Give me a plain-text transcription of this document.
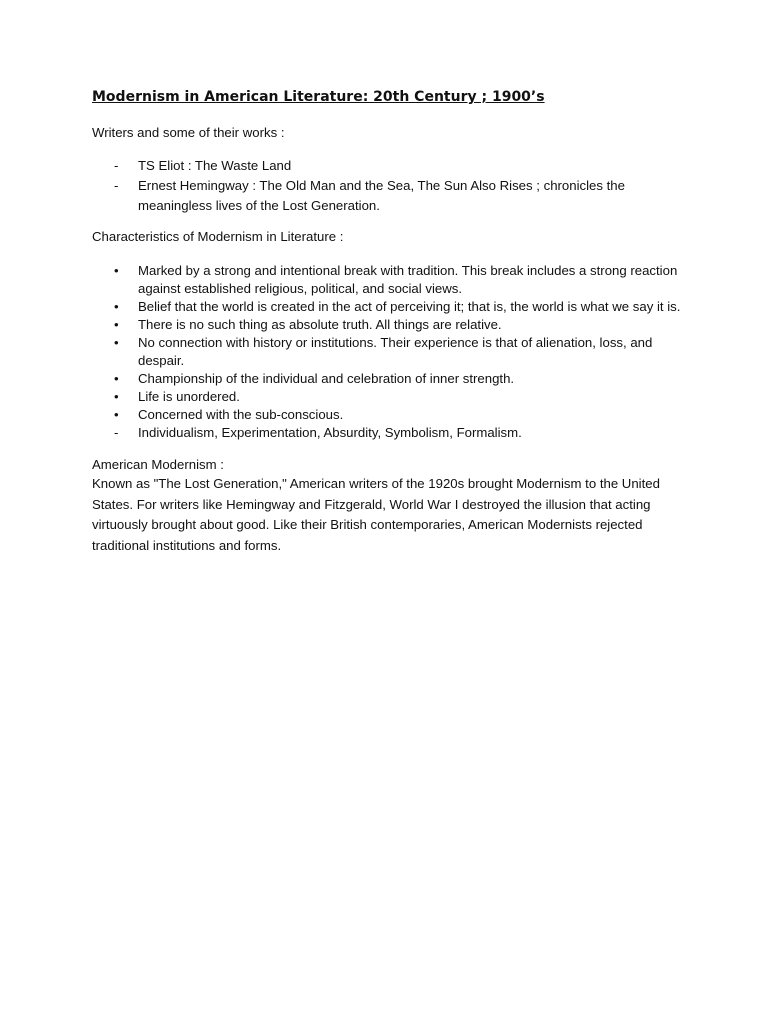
Modernism in American Literature: 20th Century ; 1900’s

Writers and some of their works :

-	TS Eliot : The Waste Land
-	Ernest Hemingway : The Old Man and the Sea, The Sun Also Rises ; chronicles the meaningless lives of the Lost Generation.

Characteristics of Modernism in Literature :

•	Marked by a strong and intentional break with tradition. This break includes a strong reaction against established religious, political, and social views.
•	Belief that the world is created in the act of perceiving it; that is, the world is what we say it is.
•	There is no such thing as absolute truth. All things are relative.
•	No connection with history or institutions. Their experience is that of alienation, loss, and despair.
•	Championship of the individual and celebration of inner strength.
•	Life is unordered.
•	Concerned with the sub-conscious.
-	Individualism, Experimentation, Absurdity, Symbolism, Formalism.

American Modernism :

Known as "The Lost Generation," American writers of the 1920s brought Modernism to the United States. For writers like Hemingway and Fitzgerald, World War I destroyed the illusion that acting virtuously brought about good. Like their British contemporaries, American Modernists rejected traditional institutions and forms.
